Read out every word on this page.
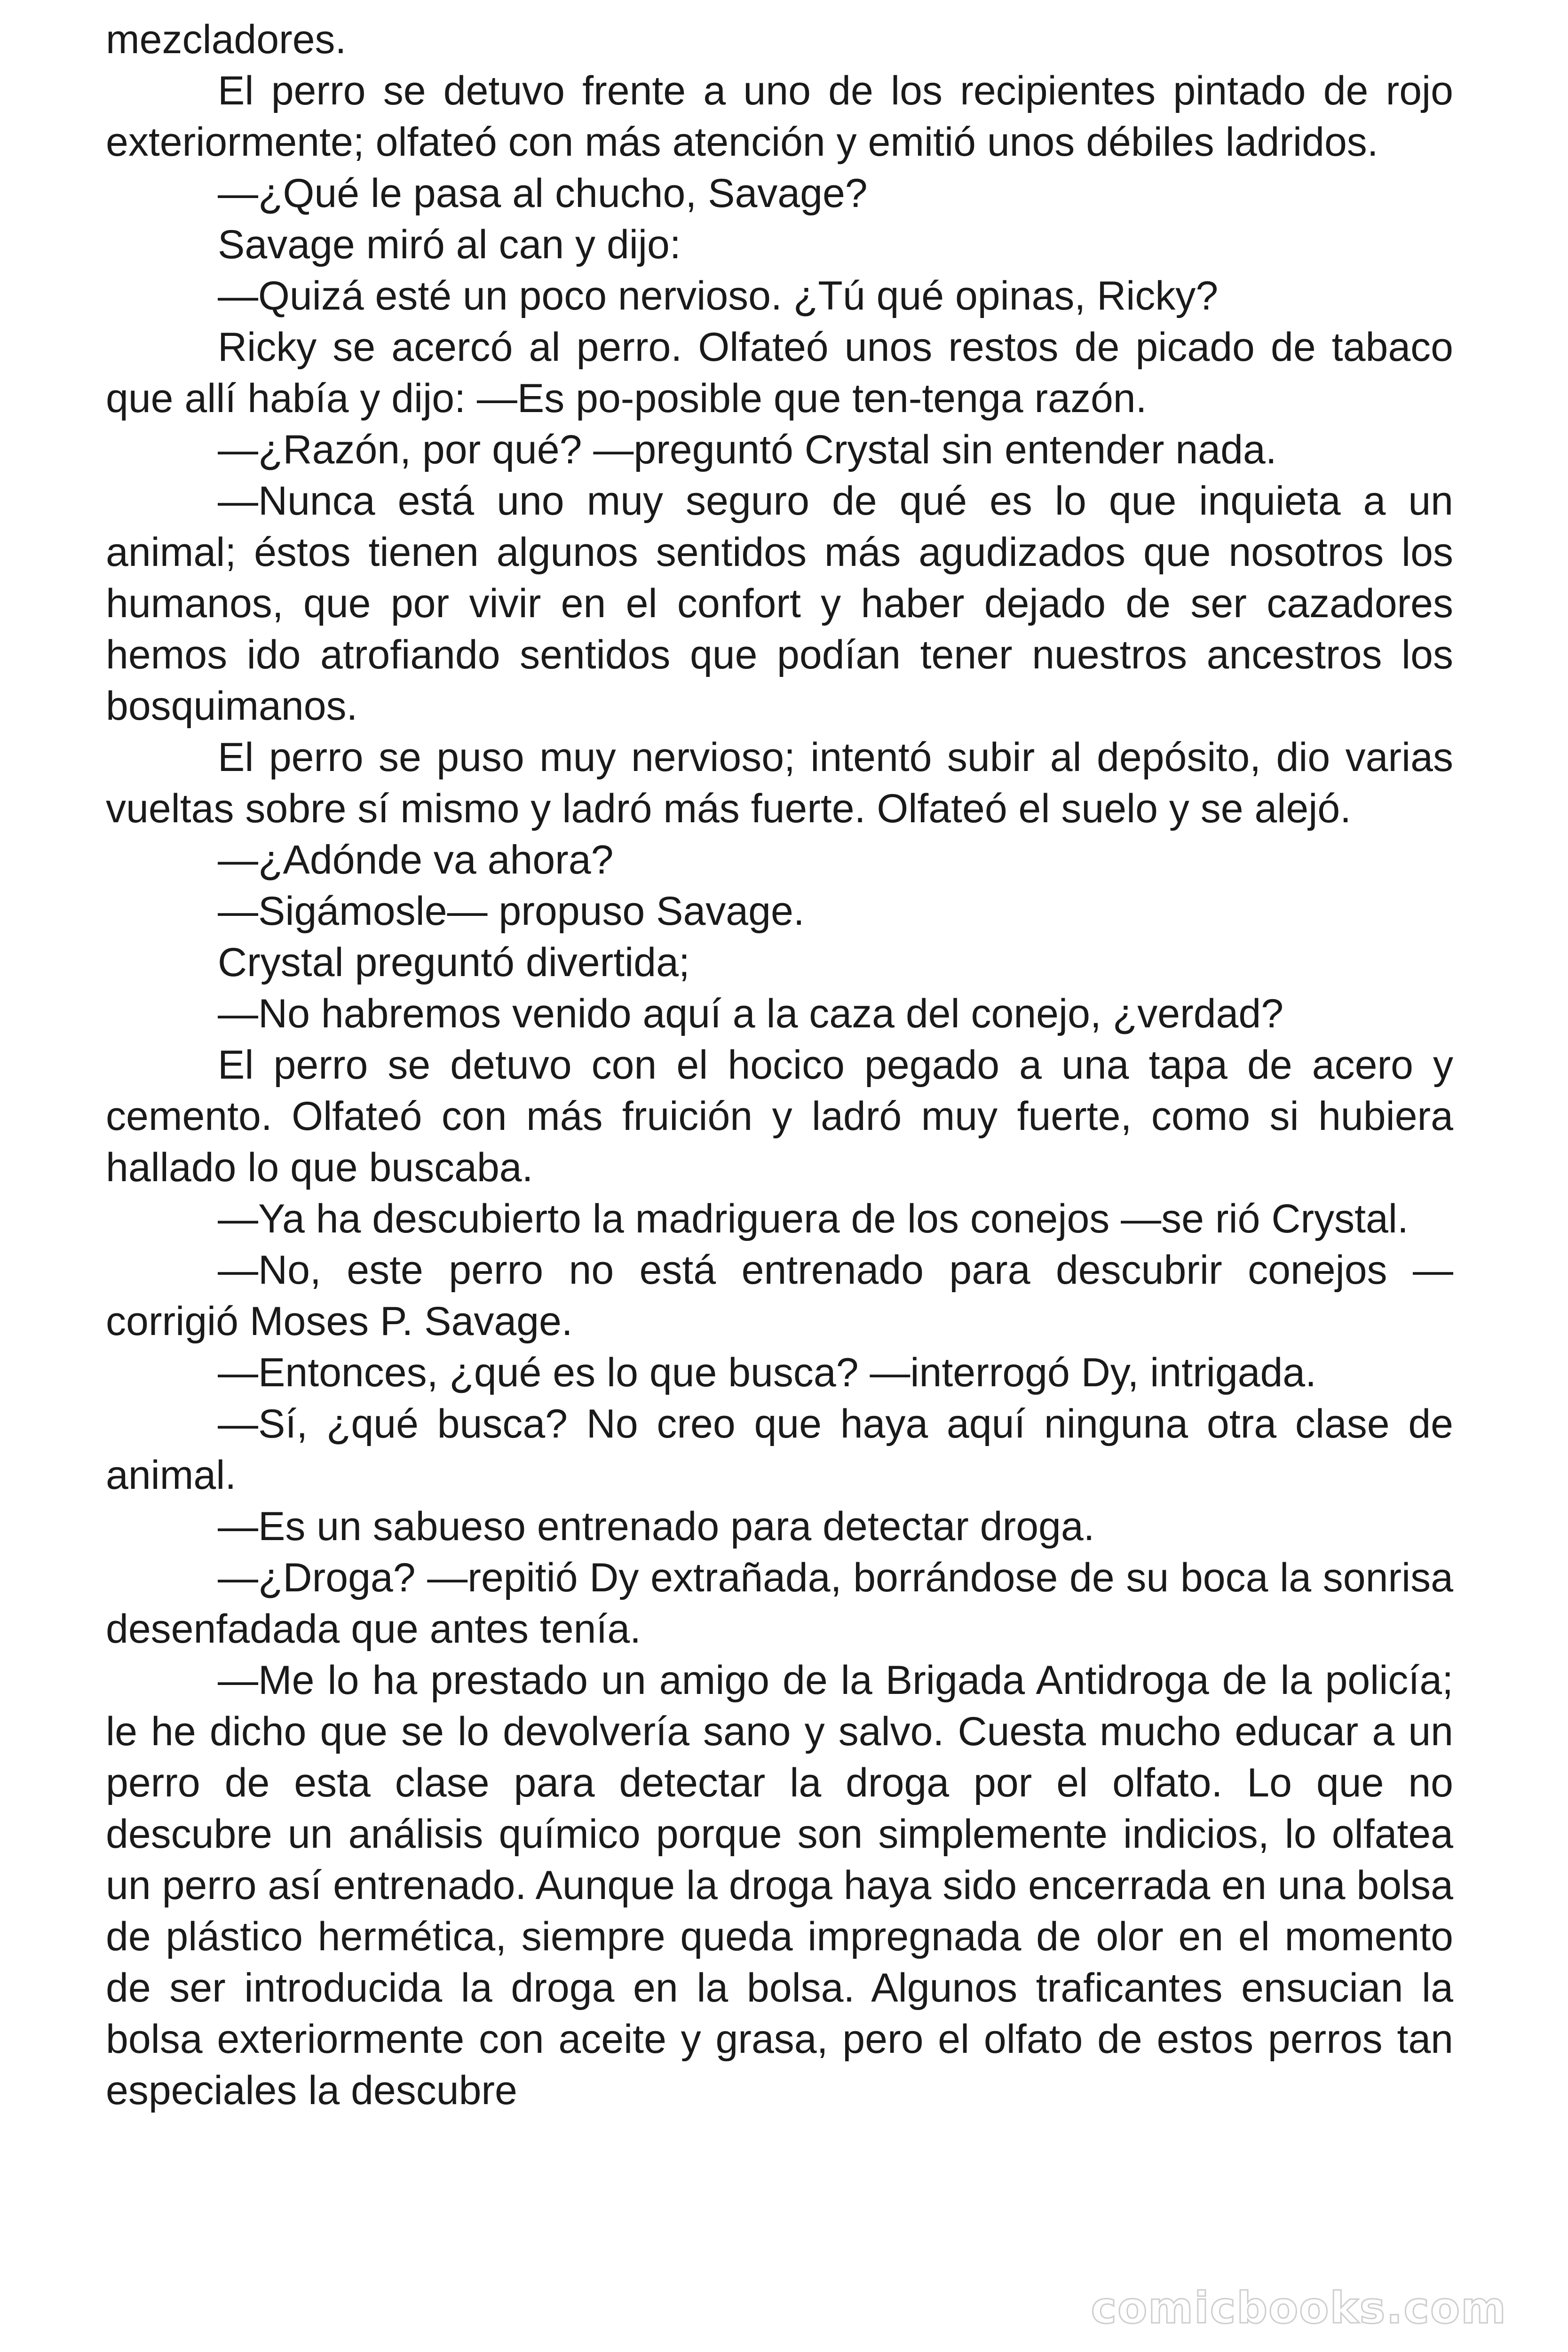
mezcladores.

El perro se detuvo frente a uno de los recipientes pintado de rojo exteriormente; olfateó con más atención y emitió unos débiles ladridos.

—¿Qué le pasa al chucho, Savage?

Savage miró al can y dijo:

—Quizá esté un poco nervioso. ¿Tú qué opinas, Ricky?

Ricky se acercó al perro. Olfateó unos restos de picado de tabaco que allí había y dijo: —Es po-posible que ten-tenga razón.

—¿Razón, por qué? —preguntó Crystal sin entender nada.

—Nunca está uno muy seguro de qué es lo que inquieta a un animal; éstos tienen algunos sentidos más agudizados que nosotros los humanos, que por vivir en el confort y haber dejado de ser cazadores hemos ido atrofiando sentidos que podían tener nuestros ancestros los bosquimanos.

El perro se puso muy nervioso; intentó subir al depósito, dio varias vueltas sobre sí mismo y ladró más fuerte. Olfateó el suelo y se alejó.

—¿Adónde va ahora?

—Sigámosle— propuso Savage.

Crystal preguntó divertida;

—No habremos venido aquí a la caza del conejo, ¿verdad?

El perro se detuvo con el hocico pegado a una tapa de acero y cemento. Olfateó con más fruición y ladró muy fuerte, como si hubiera hallado lo que buscaba.

—Ya ha descubierto la madriguera de los conejos —se rió Crystal.

—No, este perro no está entrenado para descubrir conejos — corrigió Moses P. Savage.

—Entonces, ¿qué es lo que busca? —interrogó Dy, intrigada.

—Sí, ¿qué busca? No creo que haya aquí ninguna otra clase de animal.

—Es un sabueso entrenado para detectar droga.

—¿Droga? —repitió Dy extrañada, borrándose de su boca la sonrisa desenfadada que antes tenía.

—Me lo ha prestado un amigo de la Brigada Antidroga de la policía; le he dicho que se lo devolvería sano y salvo. Cuesta mucho educar a un perro de esta clase para detectar la droga por el olfato. Lo que no descubre un análisis químico porque son simplemente indicios, lo olfatea un perro así entrenado. Aunque la droga haya sido encerrada en una bolsa de plástico hermética, siempre queda impregnada de olor en el momento de ser introducida la droga en la bolsa. Algunos traficantes ensucian la bolsa exteriormente con aceite y grasa, pero el olfato de estos perros tan especiales la descubre

comicbooks.com
